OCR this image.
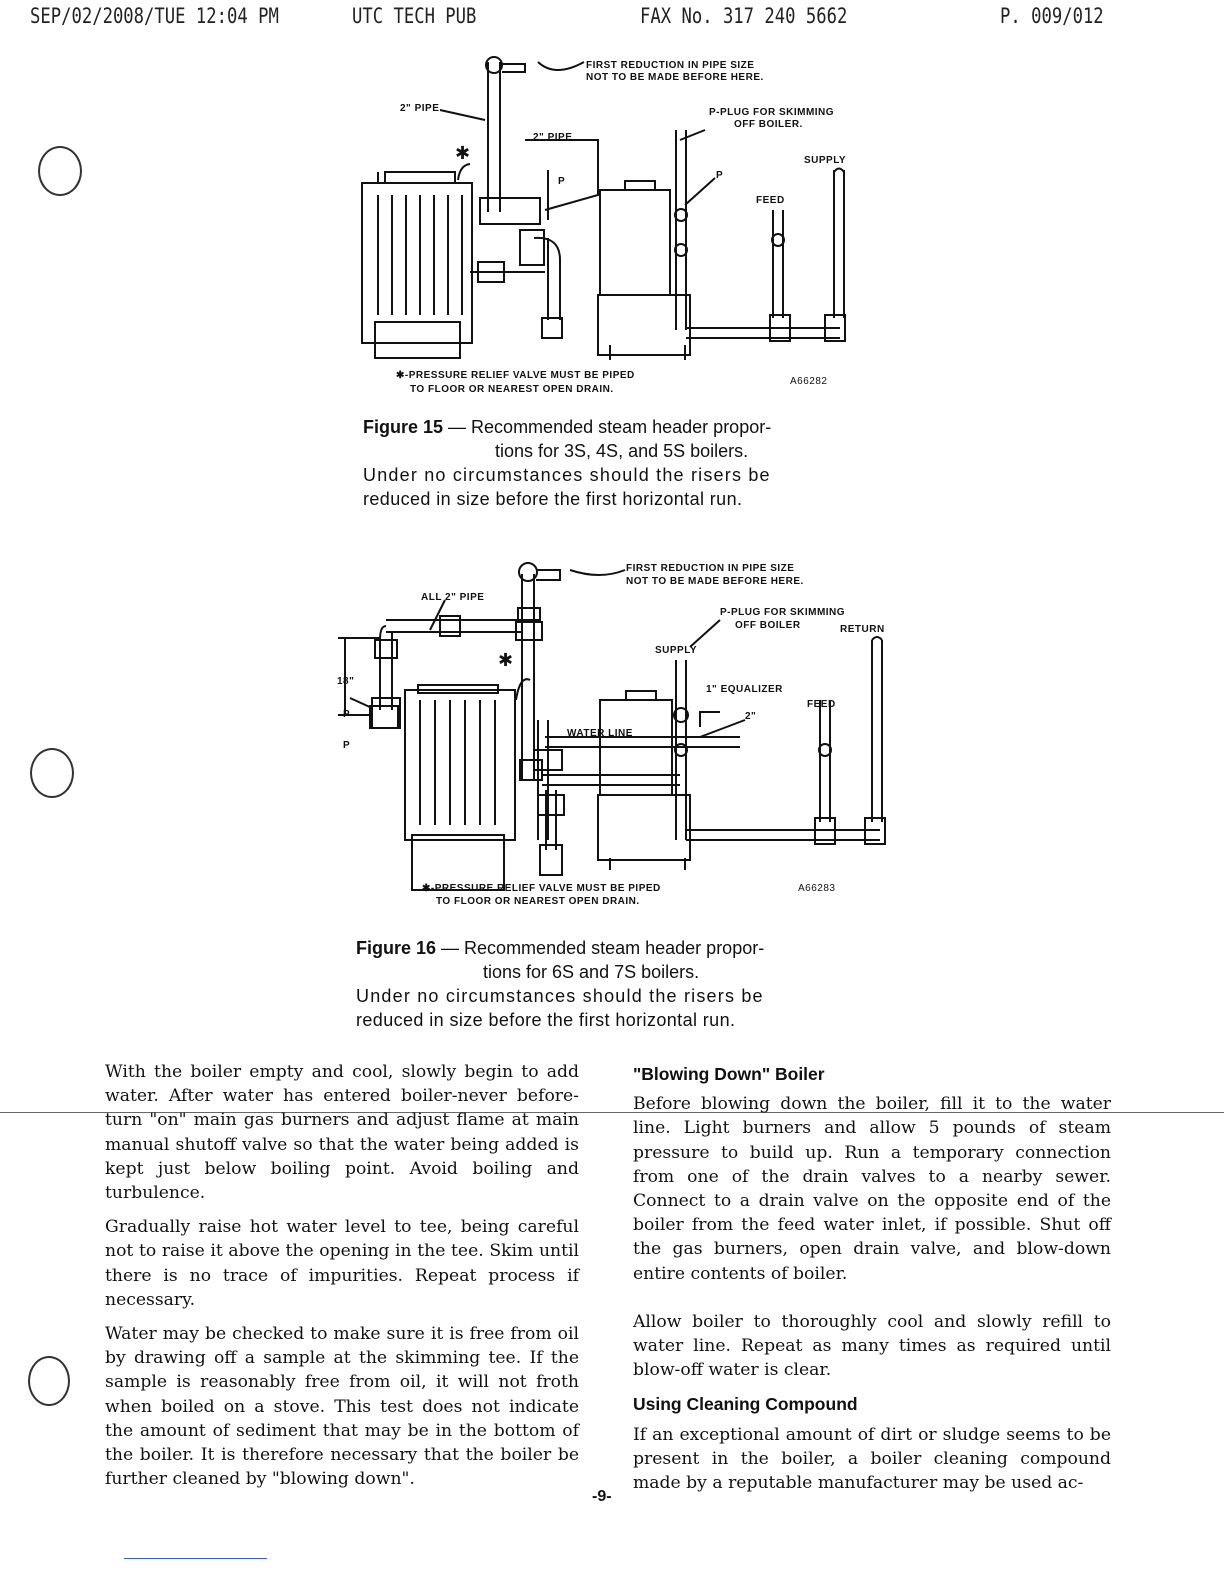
SEP/02/2008/TUE 12:04 PM	UTC TECH PUB	FAX No. 317 240 5662	P. 009/012
FIRST REDUCTION IN PIPE SIZE
NOT TO BE MADE BEFORE HERE.
2" PIPE
2" PIPE
P-PLUG FOR SKIMMING
OFF BOILER.
SUPPLY
FEED
P
P
✱
✱-PRESSURE RELIEF VALVE MUST BE PIPED
TO FLOOR OR NEAREST OPEN DRAIN.
A66282
Figure 15 — Recommended steam header propor-
tions for 3S, 4S, and 5S boilers.
Under no circumstances should the risers be
reduced in size before the first horizontal run.
FIRST REDUCTION IN PIPE SIZE
NOT TO BE MADE BEFORE HERE.
ALL 2" PIPE
P-PLUG FOR SKIMMING
OFF BOILER	RETURN
SUPPLY
1" EQUALIZER
2"
FEED
WATER LINE
18"
P
P
✱
✱-PRESSURE RELIEF VALVE MUST BE PIPED
TO FLOOR OR NEAREST OPEN DRAIN.
A66283
Figure 16 — Recommended steam header propor-
tions for 6S and 7S boilers.
Under no circumstances should the risers be
reduced in size before the first horizontal run.

With the boiler empty and cool, slowly begin to add water. After water has entered boiler-never before-turn "on" main gas burners and adjust flame at main manual shutoff valve so that the water being added is kept just below boiling point. Avoid boiling and turbulence.

Gradually raise hot water level to tee, being careful not to raise it above the opening in the tee. Skim until there is no trace of impurities. Repeat process if necessary.

Water may be checked to make sure it is free from oil by drawing off a sample at the skimming tee. If the sample is reasonably free from oil, it will not froth when boiled on a stove. This test does not indicate the amount of sediment that may be in the bottom of the boiler. It is therefore necessary that the boiler be further cleaned by "blowing down".

"Blowing Down" Boiler

Before blowing down the boiler, fill it to the water line. Light burners and allow 5 pounds of steam pressure to build up. Run a temporary connection from one of the drain valves to a nearby sewer. Connect to a drain valve on the opposite end of the boiler from the feed water inlet, if possible. Shut off the gas burners, open drain valve, and blow-down entire contents of boiler.

Allow boiler to thoroughly cool and slowly refill to water line. Repeat as many times as required until blow-off water is clear.

Using Cleaning Compound

If an exceptional amount of dirt or sludge seems to be present in the boiler, a boiler cleaning compound made by a reputable manufacturer may be used ac-

-9-
